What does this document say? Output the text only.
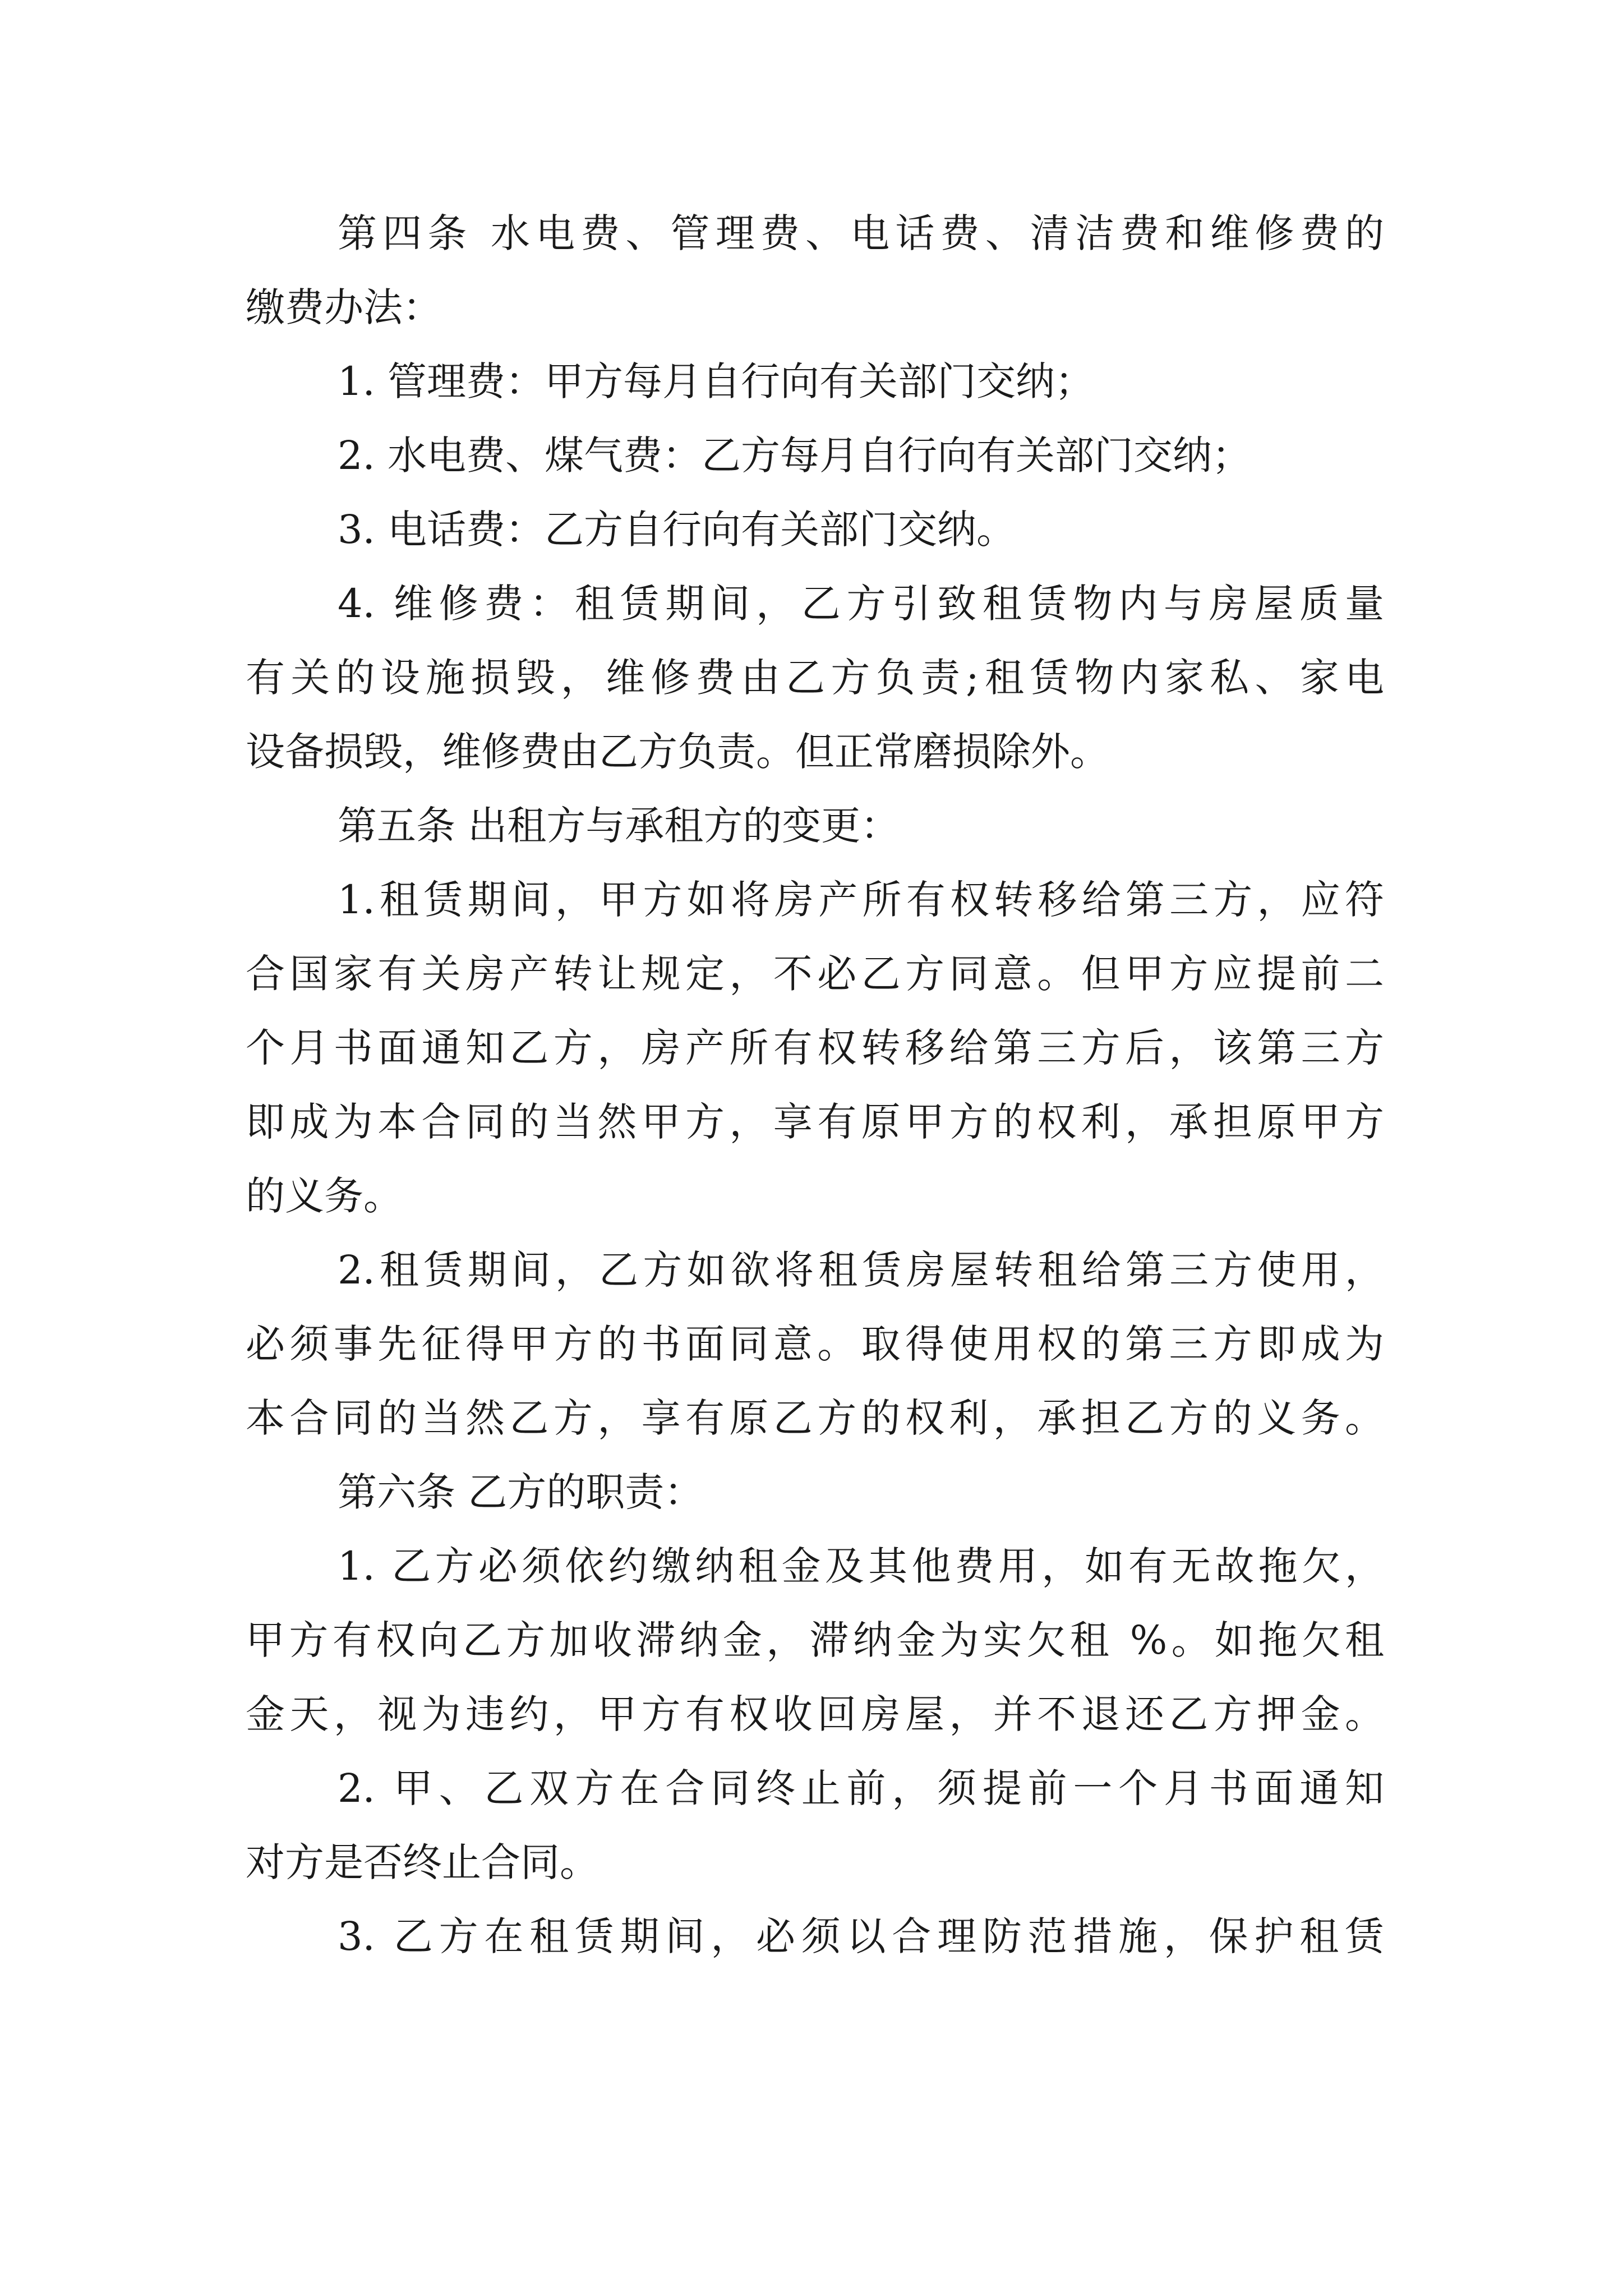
第四条 水电费、管理费、电话费、清洁费和维修费的
缴费办法：
1. 管理费：甲方每月自行向有关部门交纳；
2. 水电费、煤气费：乙方每月自行向有关部门交纳；
3. 电话费：乙方自行向有关部门交纳。
4. 维修费：租赁期间，乙方引致租赁物内与房屋质量
有关的设施损毁，维修费由乙方负责;租赁物内家私、家电
设备损毁，维修费由乙方负责。但正常磨损除外。
第五条 出租方与承租方的变更：
1.租赁期间，甲方如将房产所有权转移给第三方，应符
合国家有关房产转让规定，不必乙方同意。但甲方应提前二
个月书面通知乙方，房产所有权转移给第三方后，该第三方
即成为本合同的当然甲方，享有原甲方的权利，承担原甲方
的义务。
2.租赁期间，乙方如欲将租赁房屋转租给第三方使用，
必须事先征得甲方的书面同意。取得使用权的第三方即成为
本合同的当然乙方，享有原乙方的权利，承担乙方的义务。
第六条 乙方的职责：
1. 乙方必须依约缴纳租金及其他费用，如有无故拖欠，
甲方有权向乙方加收滞纳金，滞纳金为实欠租 %。如拖欠租
金天，视为违约，甲方有权收回房屋，并不退还乙方押金。
2. 甲、乙双方在合同终止前，须提前一个月书面通知
对方是否终止合同。
3. 乙方在租赁期间，必须以合理防范措施，保护租赁
